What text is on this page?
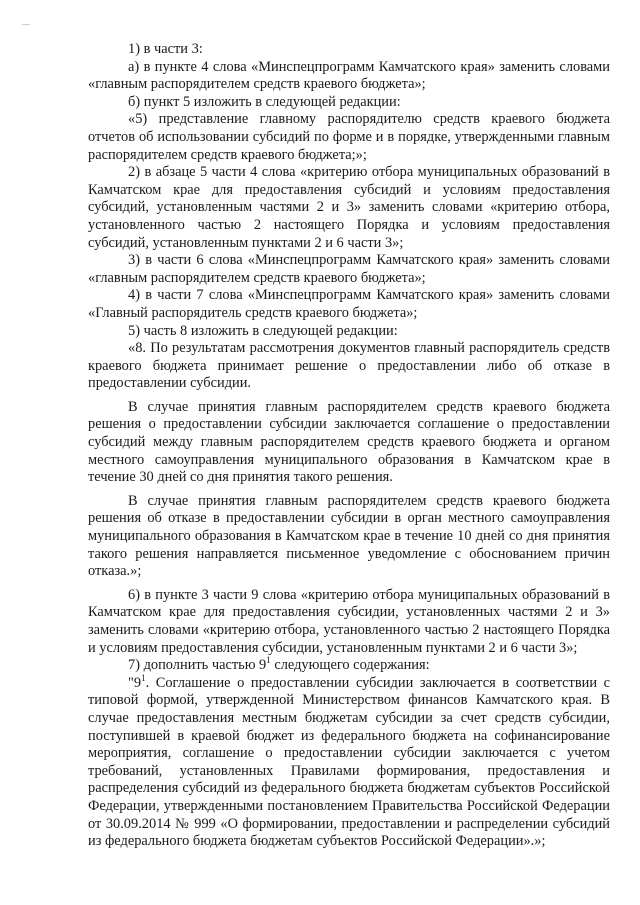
1) в части 3:

а) в пункте 4 слова «Минспецпрограмм Камчатского края» заменить словами «главным распорядителем средств краевого бюджета»;

б) пункт 5 изложить в следующей редакции:

«5) представление главному распорядителю средств краевого бюджета отчетов об использовании субсидий по форме и в порядке, утвержденными главным распорядителем средств краевого бюджета;»;

2) в абзаце 5 части 4 слова «критерию отбора муниципальных образований в Камчатском крае для предоставления субсидий и условиям предоставления субсидий, установленным частями 2 и 3» заменить словами «критерию отбора, установленного частью 2 настоящего Порядка и условиям предоставления субсидий, установленным пунктами 2 и 6 части 3»;

3) в части 6 слова «Минспецпрограмм Камчатского края» заменить словами «главным распорядителем средств краевого бюджета»;

4) в части 7 слова «Минспецпрограмм Камчатского края» заменить словами «Главный распорядитель средств краевого бюджета»;

5) часть 8 изложить в следующей редакции:

«8. По результатам рассмотрения документов главный распорядитель средств краевого бюджета принимает решение о предоставлении либо об отказе в предоставлении субсидии.

В случае принятия главным распорядителем средств краевого бюджета решения о предоставлении субсидии заключается соглашение о предоставлении субсидий между главным распорядителем средств краевого бюджета и органом местного самоуправления муниципального образования в Камчатском крае в течение 30 дней со дня принятия такого решения.

В случае принятия главным распорядителем средств краевого бюджета решения об отказе в предоставлении субсидии в орган местного самоуправления муниципального образования в Камчатском крае в течение 10 дней со дня принятия такого решения направляется письменное уведомление с обоснованием причин отказа.»;

6) в пункте 3 части 9 слова «критерию отбора муниципальных образований в Камчатском крае для предоставления субсидии, установленных частями 2 и 3» заменить словами «критерию отбора, установленного частью 2 настоящего Порядка и условиям предоставления субсидии, установленным пунктами 2 и 6 части 3»;

7) дополнить частью $9^1$ следующего содержания:

"$9^1$. Соглашение о предоставлении субсидии заключается в соответствии с типовой формой, утвержденной Министерством финансов Камчатского края. В случае предоставления местным бюджетам субсидии за счет средств субсидии, поступившей в краевой бюджет из федерального бюджета на софинансирование мероприятия, соглашение о предоставлении субсидии заключается с учетом требований, установленных Правилами формирования, предоставления и распределения субсидий из федерального бюджета бюджетам субъектов Российской Федерации, утвержденными постановлением Правительства Российской Федерации от 30.09.2014 № 999 «О формировании, предоставлении и распределении субсидий из федерального бюджета бюджетам субъектов Российской Федерации».»;
